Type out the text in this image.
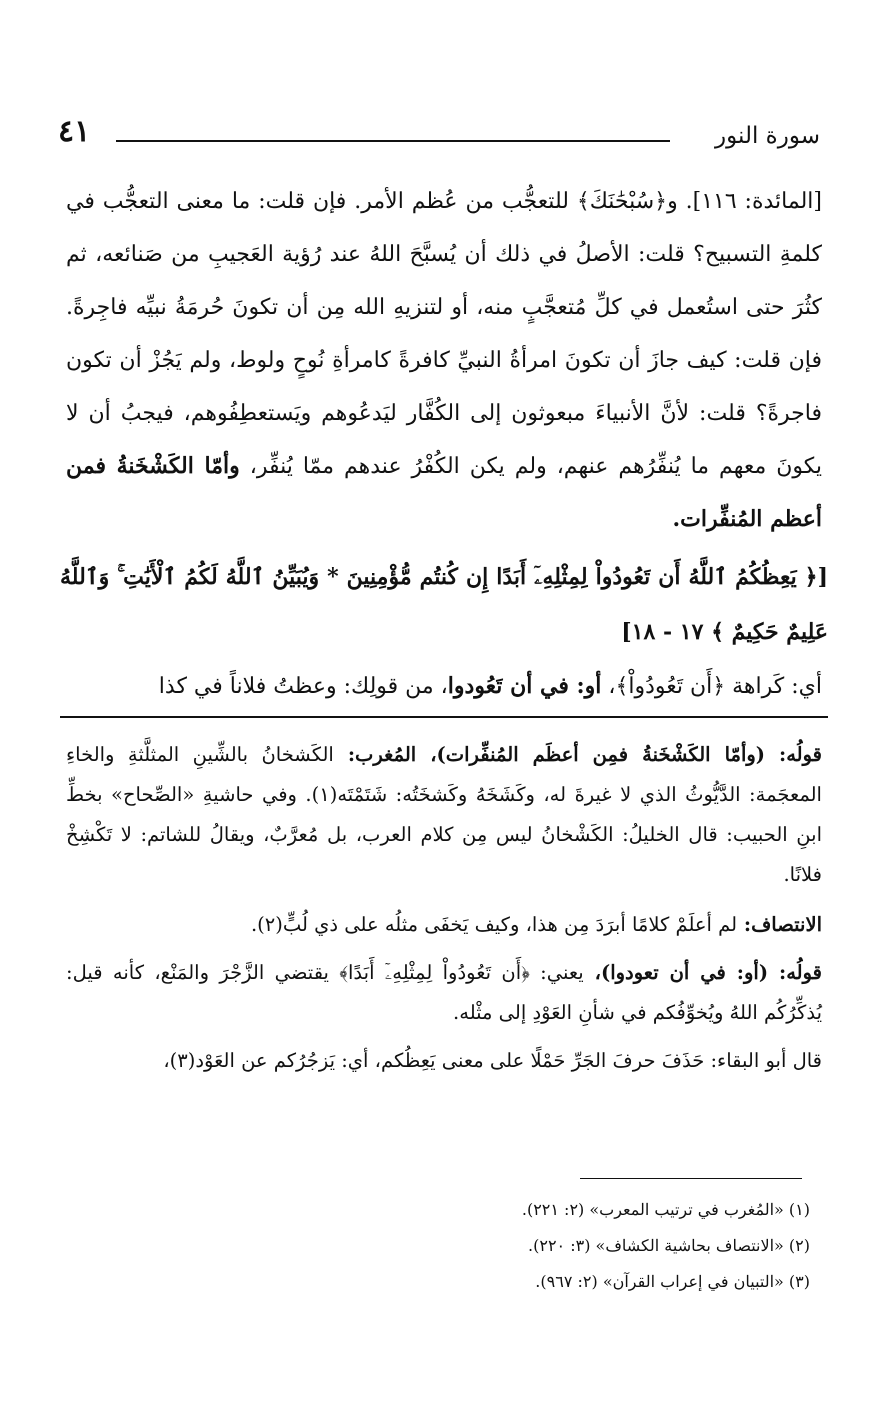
٤١	سورة النور

[المائدة: ١١٦]. و﴿سُبْحَٰنَكَ﴾ للتعجُّب من عُظم الأمر. فإن قلت: ما معنى التعجُّب في كلمةِ التسبيح؟ قلت: الأصلُ في ذلك أن يُسبَّحَ اللهُ عند رُؤية العَجيبِ من صَنائعه، ثم كثُرَ حتى استُعمل في كلِّ مُتعجَّبٍ منه، أو لتنزيهِ الله مِن أن تكونَ حُرمَةُ نبيِّه فاجِرةً. فإن قلت: كيف جازَ أن تكونَ امرأةُ النبيِّ كافرةً كامرأةِ نُوحٍ ولوط، ولم يَجُزْ أن تكون فاجرةً؟ قلت: لأنَّ الأنبياءَ مبعوثون إلى الكُفَّار ليَدعُوهم ويَستعطِفُوهم، فيجبُ أن لا يكونَ معهم ما يُنفِّرُهم عنهم، ولم يكن الكُفْرُ عندهم ممّا يُنفِّر، وأمّا الكَشْخَنةُ فمن أعظم المُنفِّرات.

[﴿ يَعِظُكُمُ ٱللَّهُ أَن تَعُودُواْ لِمِثْلِهِۦٓ أَبَدًا إِن كُنتُم مُّؤْمِنِينَ * وَيُبَيِّنُ ٱللَّهُ لَكُمُ ٱلْأَيَٰتِ ۚ وَٱللَّهُ عَلِيمٌ حَكِيمٌ ﴾ ١٧ - ١٨]

أي: كَراهة ﴿أَن تَعُودُواْ﴾، أو: في أن تَعُودوا، من قولِك: وعظتُ فلاناً في كذا

قولُه: (وأمّا الكَشْخَنةُ فمِن أعظَم المُنفِّرات)، المُغرب: الكَشخانُ بالشِّينِ المثلَّثةِ والخاءِ المعجَمة: الدَّيُّوثُ الذي لا غيرةَ له، وكَشَخَهُ وكَشخَتُه: شَتَمْتَه(١). وفي حاشيةِ «الصِّحاح» بخطِّ ابنِ الحبيب: قال الخليلُ: الكَشْخانُ ليس مِن كلام العرب، بل مُعرَّبٌ، ويقالُ للشاتم: لا تَكْشِخْ فلانًا.

الانتصاف: لم أعلَمْ كلامًا أبرَدَ مِن هذا، وكيف يَخفَى مثلُه على ذي لُبٍّ(٢).

قولُه: (أو: في أن تعودوا)، يعني: ﴿أَن تَعُودُواْ لِمِثْلِهِۦٓ أَبَدًا﴾ يقتضي الزَّجْرَ والمَنْع، كأنه قيل: يُذكِّرُكُم اللهُ ويُخوِّفُكم في شأنِ العَوْدِ إلى مثْله.

قال أبو البقاء: حَذَفَ حرفَ الجَرِّ حَمْلًا على معنى يَعِظُكم، أي: يَزجُرُكم عن العَوْد(٣)،

(١) «المُغرب في ترتيب المعرب» (٢: ٢٢١).
(٢) «الانتصاف بحاشية الكشاف» (٣: ٢٢٠).
(٣) «التبيان في إعراب القرآن» (٢: ٩٦٧).
